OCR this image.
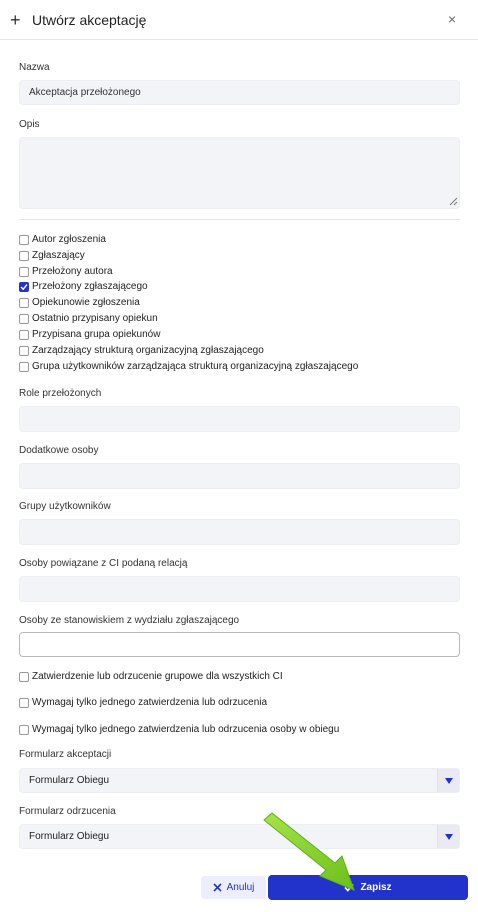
+ Utwórz akceptację	×
Nazwa
Akceptacja przełożonego
Opis
Autor zgłoszenia
Zgłaszający
Przełożony autora
Przełożony zgłaszającego
Opiekunowie zgłoszenia
Ostatnio przypisany opiekun
Przypisana grupa opiekunów
Zarządzający strukturą organizacyjną zgłaszającego
Grupa użytkowników zarządzająca strukturą organizacyjną zgłaszającego
Role przełożonych
Dodatkowe osoby
Grupy użytkowników
Osoby powiązane z CI podaną relacją
Osoby ze stanowiskiem z wydziału zgłaszającego
Zatwierdzenie lub odrzucenie grupowe dla wszystkich CI
Wymagaj tylko jednego zatwierdzenia lub odrzucenia
Wymagaj tylko jednego zatwierdzenia lub odrzucenia osoby w obiegu
Formularz akceptacji
Formularz Obiegu
Formularz odrzucenia
Formularz Obiegu
Anuluj	Zapisz
